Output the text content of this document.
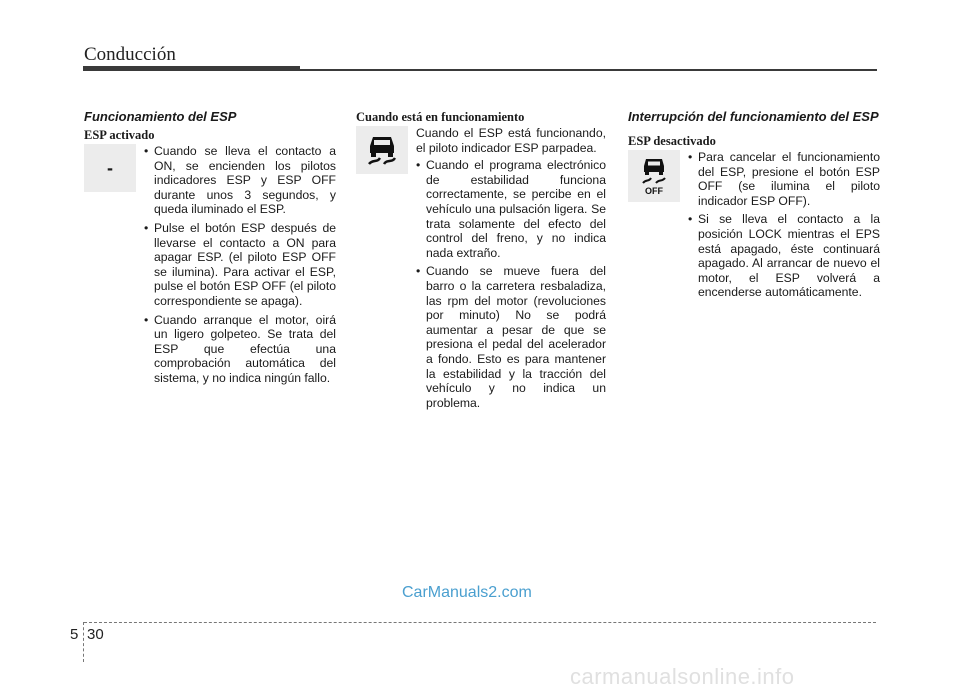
Conducción
Funcionamiento del ESP
ESP activado
-
• Cuando se lleva el contacto a ON, se encienden los pilotos indicadores ESP y ESP OFF durante unos 3 segundos, y queda iluminado el ESP.
• Pulse el botón ESP después de llevarse el contacto a ON para apagar ESP. (el piloto ESP OFF se ilumina). Para activar el ESP, pulse el botón ESP OFF (el piloto correspondiente se apaga).
• Cuando arranque el motor, oirá un ligero golpeteo. Se trata del ESP que efectúa una comprobación automática del sistema, y no indica ningún fallo.
Cuando está en funcionamiento

Cuando el ESP está funcionando, el piloto indicador ESP parpadea.

• Cuando el programa electrónico de estabilidad funciona correctamente, se percibe en el vehículo una pulsación ligera. Se trata solamente del efecto del control del freno, y no indica nada extraño.
• Cuando se mueve fuera del barro o la carretera resbaladiza, las rpm del motor (revoluciones por minuto) No se podrá aumentar a pesar de que se presiona el pedal del acelerador a fondo. Esto es para mantener la estabilidad y la tracción del vehículo y no indica un problema.
Interrupción del funcionamiento del ESP
ESP desactivado
OFF
• Para cancelar el funcionamiento del ESP, presione el botón ESP OFF (se ilumina el piloto indicador ESP OFF).
• Si se lleva el contacto a la posición LOCK mientras el EPS está apagado, éste continuará apagado. Al arrancar de nuevo el motor, el ESP volverá a encenderse automáticamente.
CarManuals2.com
5 30
carmanualsonline.info
